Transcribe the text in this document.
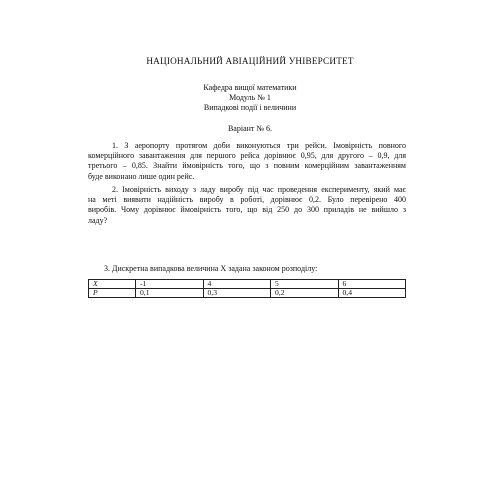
НАЦІОНАЛЬНИЙ АВІАЦІЙНИЙ УНІВЕРСИТЕТ
Кафедра вищої математики
Модуль № 1
Випадкові події і величини
Варіант № 6.
1. З аеропорту протягом доби виконуються три рейси. Імовірність повного
комерційного завантаження для першого рейса дорівнює 0,95, для другого – 0,9, для
третього – 0,85. Знайти ймовірність того, що з повним комерційним завантаженням
буде виконано лише один рейс.
2. Імовірність виходу з ладу виробу під час проведення експерименту, який має
на меті виявити надійність виробу в роботі, дорівнює 0,2. Було перевірено 400
виробів. Чому дорівнює ймовірність того, що від 250 до 300 приладів не вийшло з
ладу?
3. Дискретна випадкова величина X задана законом розподілу:
X	-1	4	5	6
P	0,1	0,3	0,2	0,4
